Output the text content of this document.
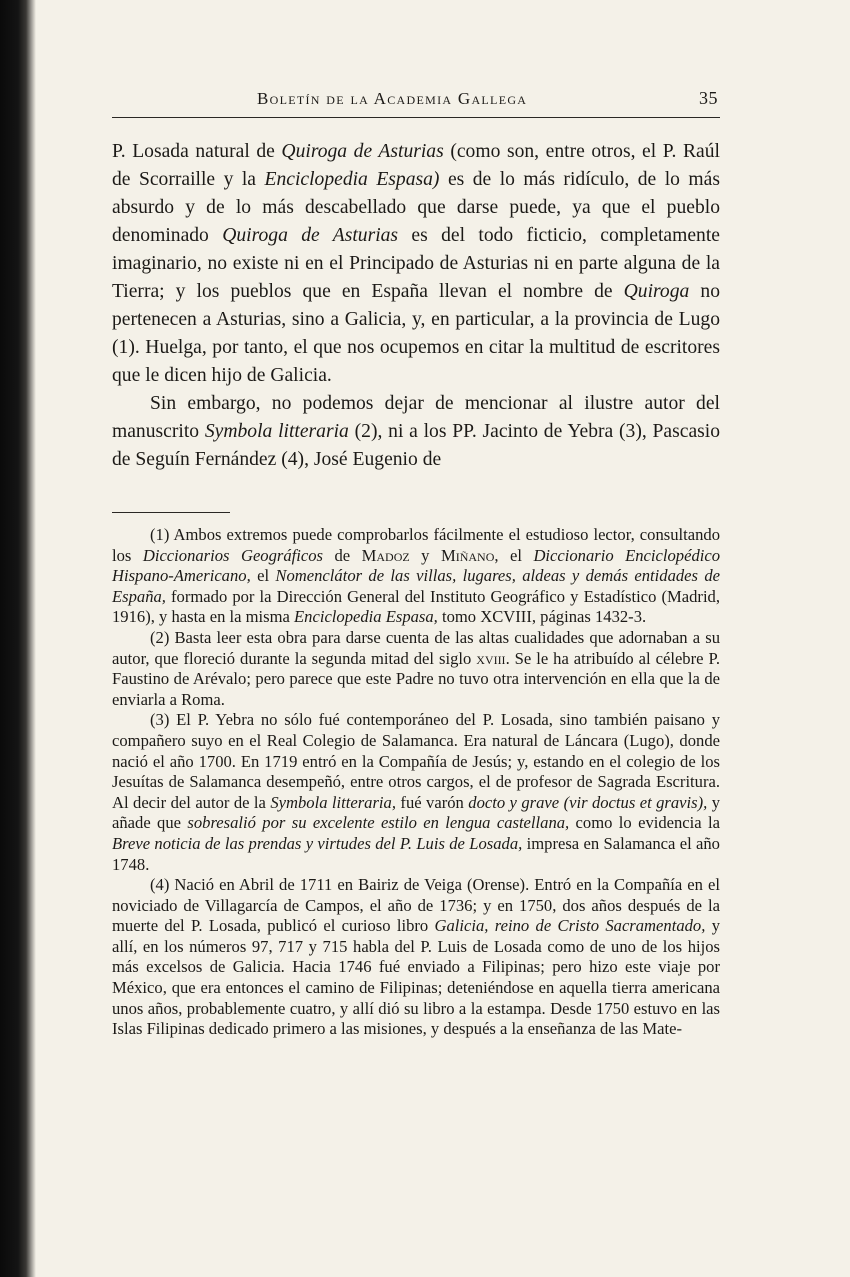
Boletín de la Academia Gallega	35

P. Losada natural de Quiroga de Asturias (como son, entre otros, el P. Raúl de Scorraille y la Enciclopedia Espasa) es de lo más ridículo, de lo más absurdo y de lo más descabellado que darse puede, ya que el pueblo denominado Quiroga de Asturias es del todo ficticio, completamente imaginario, no existe ni en el Principado de Asturias ni en parte alguna de la Tierra; y los pueblos que en España llevan el nombre de Quiroga no pertenecen a Asturias, sino a Galicia, y, en particular, a la provincia de Lugo (1). Huelga, por tanto, el que nos ocupemos en citar la multitud de escritores que le dicen hijo de Galicia.

Sin embargo, no podemos dejar de mencionar al ilustre autor del manuscrito Symbola litteraria (2), ni a los PP. Jacinto de Yebra (3), Pascasio de Seguín Fernández (4), José Eugenio de

(1) Ambos extremos puede comprobarlos fácilmente el estudioso lector, consultando los Diccionarios Geográficos de Madoz y Miñano, el Diccionario Enciclopédico Hispano-Americano, el Nomenclátor de las villas, lugares, aldeas y demás entidades de España, formado por la Dirección General del Instituto Geográfico y Estadístico (Madrid, 1916), y hasta en la misma Enciclopedia Espasa, tomo XCVIII, páginas 1432-3.

(2) Basta leer esta obra para darse cuenta de las altas cualidades que adornaban a su autor, que floreció durante la segunda mitad del siglo xviii. Se le ha atribuído al célebre P. Faustino de Arévalo; pero parece que este Padre no tuvo otra intervención en ella que la de enviarla a Roma.

(3) El P. Yebra no sólo fué contemporáneo del P. Losada, sino también paisano y compañero suyo en el Real Colegio de Salamanca. Era natural de Láncara (Lugo), donde nació el año 1700. En 1719 entró en la Compañía de Jesús; y, estando en el colegio de los Jesuítas de Salamanca desempeñó, entre otros cargos, el de profesor de Sagrada Escritura. Al decir del autor de la Symbola litteraria, fué varón docto y grave (vir doctus et gravis), y añade que sobresalió por su excelente estilo en lengua castellana, como lo evidencia la Breve noticia de las prendas y virtudes del P. Luis de Losada, impresa en Salamanca el año 1748.

(4) Nació en Abril de 1711 en Bairiz de Veiga (Orense). Entró en la Compañía en el noviciado de Villagarcía de Campos, el año de 1736; y en 1750, dos años después de la muerte del P. Losada, publicó el curioso libro Galicia, reino de Cristo Sacramentado, y allí, en los números 97, 717 y 715 habla del P. Luis de Losada como de uno de los hijos más excelsos de Galicia. Hacia 1746 fué enviado a Filipinas; pero hizo este viaje por México, que era entonces el camino de Filipinas; deteniéndose en aquella tierra americana unos años, probablemente cuatro, y allí dió su libro a la estampa. Desde 1750 estuvo en las Islas Filipinas dedicado primero a las misiones, y después a la enseñanza de las Mate-
